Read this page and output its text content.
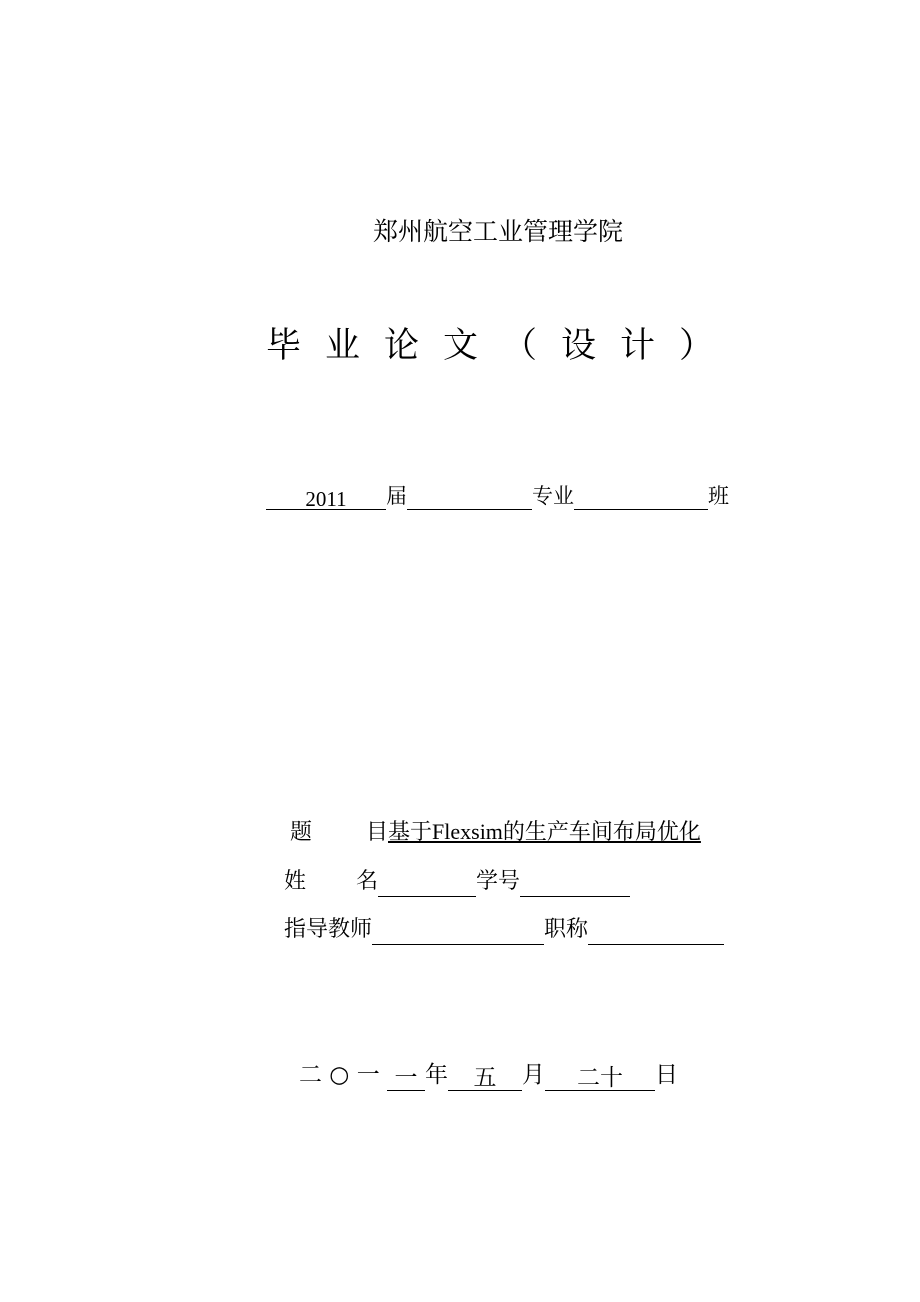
郑州航空工业管理学院
毕业论文（设计）
2011 届	专业	班
题 目基于Flexsim的生产车间布局优化
姓 名	学号
指导教师	职称
二 ○ 一 一 年 五 月 二十 日
